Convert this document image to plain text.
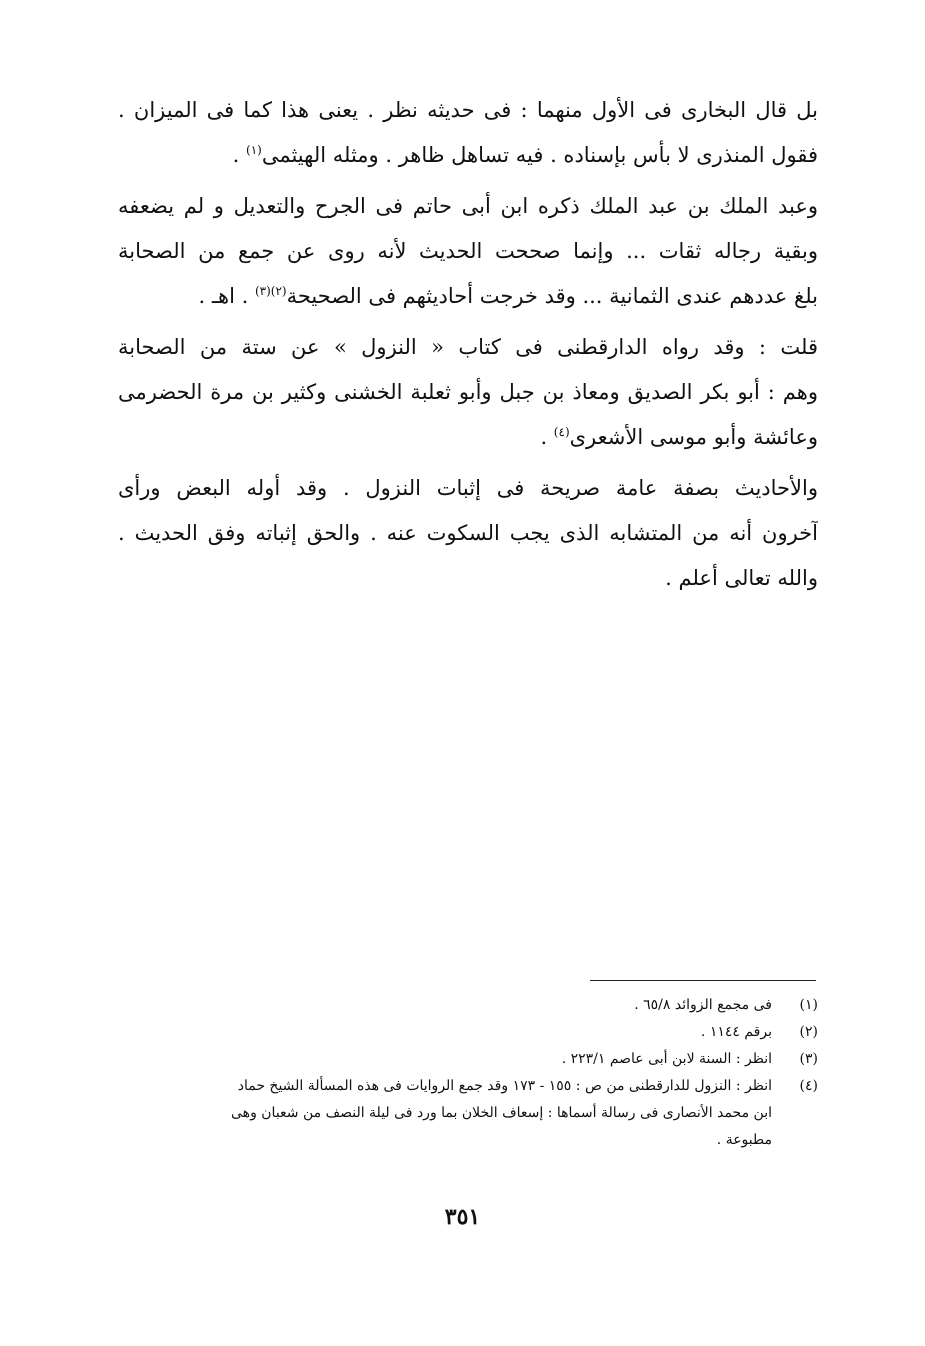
بل قال البخارى فى الأول منهما : فى حديثه نظر . يعنى هذا كما فى الميزان .
فقول المنذرى لا بأس بإسناده . فيه تساهل ظاهر . ومثله الهيثمى$^{(١)}$ .

وعبد الملك بن عبد الملك ذكره ابن أبى حاتم فى الجرح والتعديل و لم يضعفه
وبقية رجاله ثقات ... وإنما صححت الحديث لأنه روى عن جمع من الصحابة
بلغ عددهم عندى الثمانية ... وقد خرجت أحاديثهم فى الصحيحة$^{(٢)(٣)}$ . اهـ .

قلت : وقد رواه الدارقطنى فى كتاب « النزول » عن ستة من الصحابة
وهم : أبو بكر الصديق ومعاذ بن جبل وأبو ثعلبة الخشنى وكثير بن مرة الحضرمى
وعائشة وأبو موسى الأشعرى$^{(٤)}$ .

والأحاديث بصفة عامة صريحة فى إثبات النزول . وقد أوله البعض ورأى
آخرون أنه من المتشابه الذى يجب السكوت عنه . والحق إثباته وفق الحديث .
والله تعالى أعلم .

(١)
فى مجمع الزوائد ٦٥/٨ .
(٢)
برقم ١١٤٤ .
(٣)
انظر : السنة لابن أبى عاصم ٢٢٣/١ .
(٤)
انظر : النزول للدارقطنى من ص : ١٥٥ - ١٧٣ وقد جمع الروايات فى هذه المسألة الشيخ حماد
ابن محمد الأنصارى فى رسالة أسماها : إسعاف الخلان بما ورد فى ليلة النصف من شعبان وهى
مطبوعة .
٣٥١
